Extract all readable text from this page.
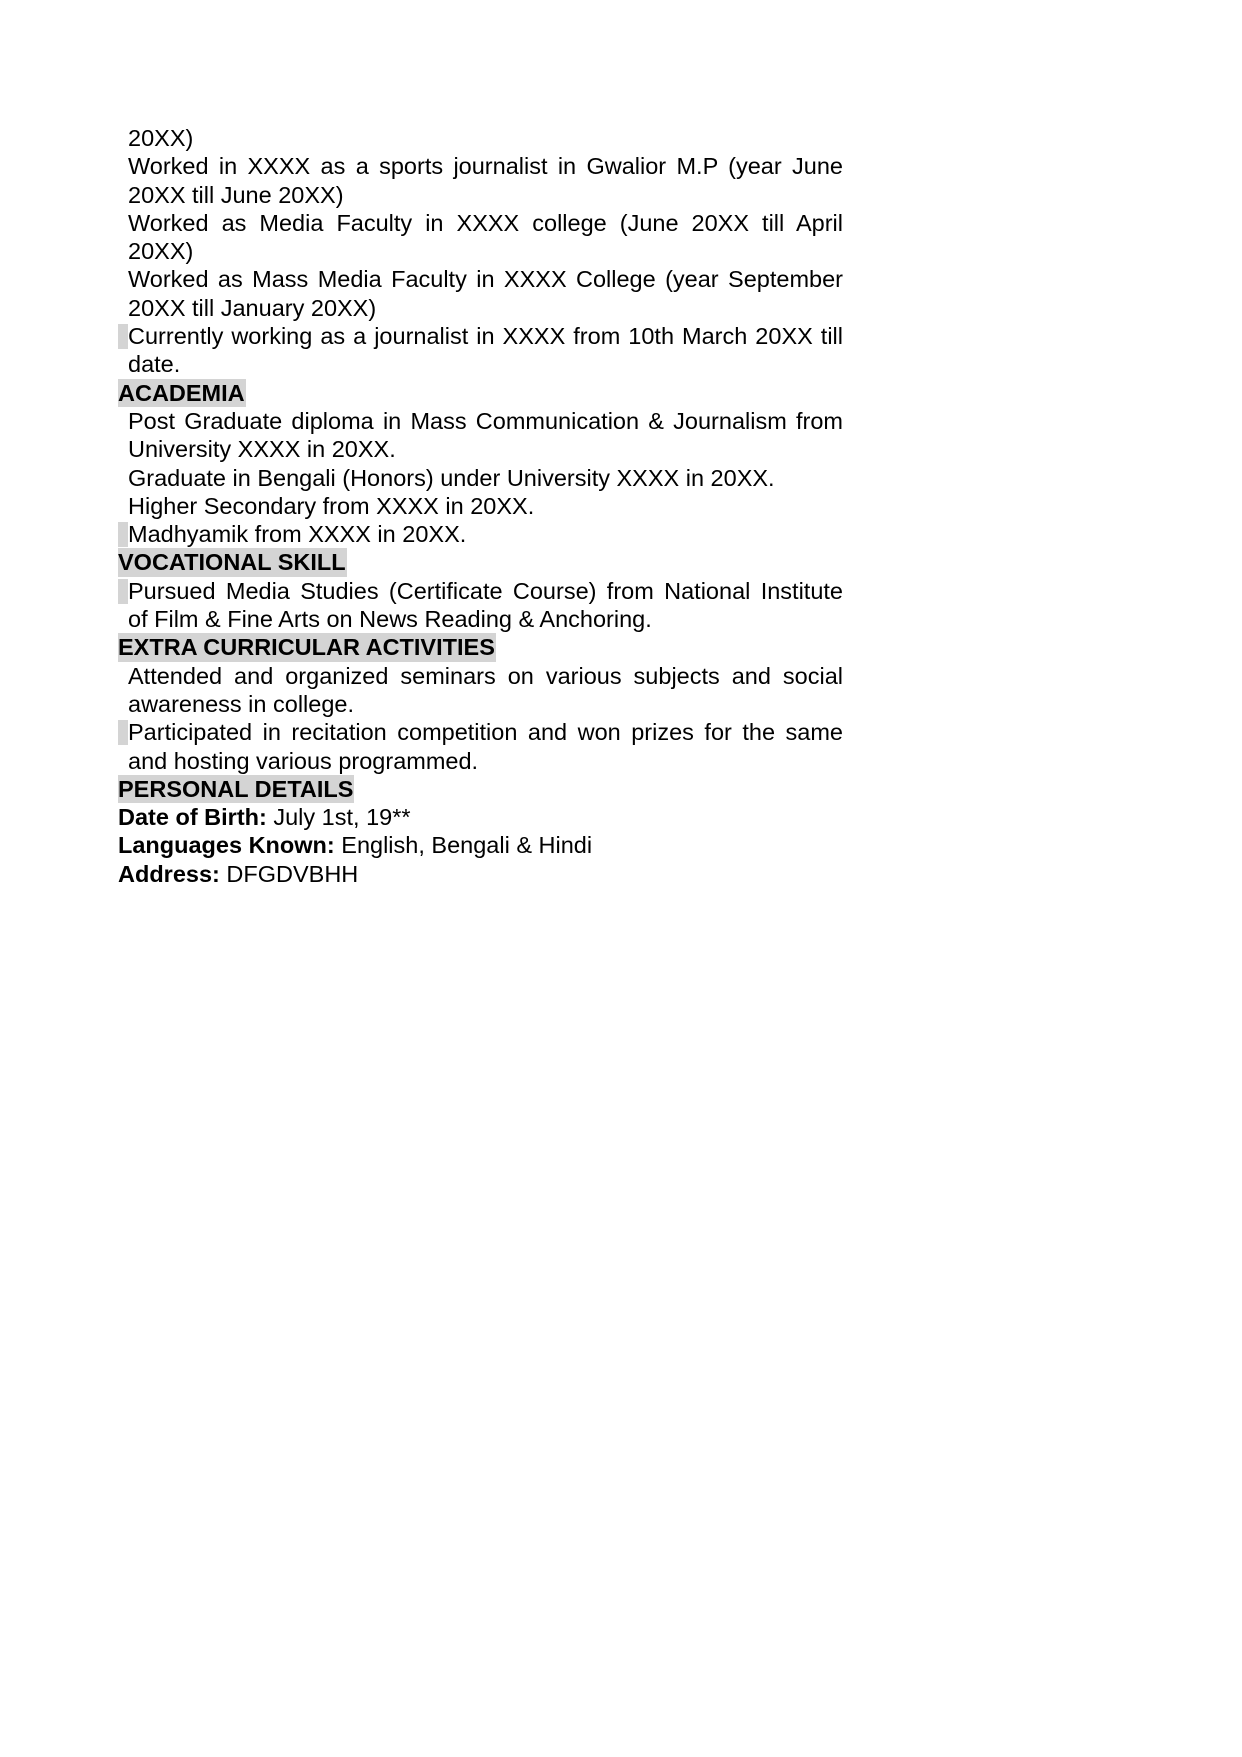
20XX)
Worked in XXXX as a sports journalist in Gwalior M.P (year June
20XX till June 20XX)
Worked as Media Faculty in XXXX college (June 20XX till April
20XX)
Worked as Mass Media Faculty in XXXX College (year September
20XX till January 20XX)
Currently working as a journalist in XXXX from 10th March 20XX till
date.
ACADEMIA
Post Graduate diploma in Mass Communication & Journalism from
University XXXX in 20XX.
Graduate in Bengali (Honors) under University XXXX in 20XX.
Higher Secondary from XXXX in 20XX.
Madhyamik from XXXX in 20XX.
VOCATIONAL SKILL
Pursued Media Studies (Certificate Course) from National Institute
of Film & Fine Arts on News Reading & Anchoring.
EXTRA CURRICULAR ACTIVITIES
Attended and organized seminars on various subjects and social
awareness in college.
Participated in recitation competition and won prizes for the same
and hosting various programmed.
PERSONAL DETAILS
Date of Birth: July 1st, 19**
Languages Known: English, Bengali & Hindi
Address: DFGDVBHH
